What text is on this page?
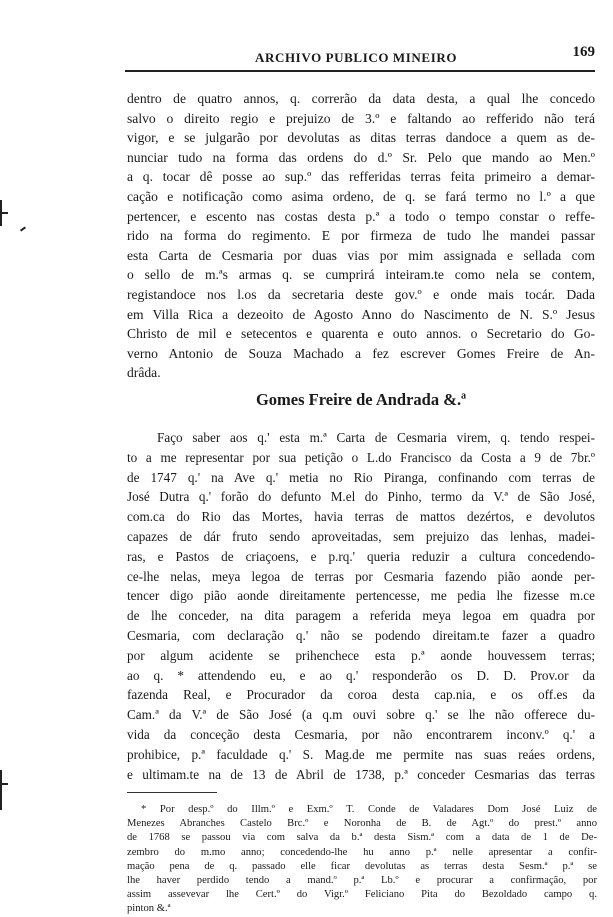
ARCHIVO PUBLICO MINEIRO	169
dentro de quatro annos, q. correrão da data desta, a qual lhe concedo
salvo o direito regio e prejuizo de 3.º e faltando ao refferido não terá
vigor, e se julgarão por devolutas as ditas terras dandoce a quem as de-
nunciar tudo na forma das ordens do d.º Sr. Pelo que mando ao Men.º
a q. tocar dê posse ao sup.º das refferidas terras feita primeiro a demar-
cação e notificação como asima ordeno, de q. se fará termo no l.º a que
pertencer, e escento nas costas desta p.ª a todo o tempo constar o reffe-
rido na forma do regimento. E por firmeza de tudo lhe mandei passar
esta Carta de Cesmaria por duas vias por mim assignada e sellada com
o sello de m.ªs armas q. se cumprirá inteiram.te como nela se contem,
registandoce nos l.os da secretaria deste gov.º e onde mais tocár. Dada
em Villa Rica a dezeoito de Agosto Anno do Nascimento de N. S.º Jesus
Christo de mil e setecentos e quarenta e outo annos. o Secretario do Go-
verno Antonio de Souza Machado a fez escrever Gomes Freire de An-
drâda.
Gomes Freire de Andrada &.ª
Faço saber aos q.' esta m.ª Carta de Cesmaria virem, q. tendo respei-
to a me representar por sua petição o L.do Francisco da Costa a 9 de 7br.º
de 1747 q.' na Ave q.' metia no Rio Piranga, confinando com terras de
José Dutra q.' forão do defunto M.el do Pinho, termo da V.ª de São José,
com.ca do Rio das Mortes, havia terras de mattos dezértos, e devolutos
capazes de dár fruto sendo aproveitadas, sem prejuizo das lenhas, madei-
ras, e Pastos de criaçoens, e p.rq.' queria reduzir a cultura concedendo-
ce-lhe nelas, meya legoa de terras por Cesmaria fazendo pião aonde per-
tencer digo pião aonde direitamente pertencesse, me pedia lhe fizesse m.ce
de lhe conceder, na dita paragem a referida meya legoa em quadra por
Cesmaria, com declaração q.' não se podendo direitam.te fazer a quadro
por algum acidente se prihenchece esta p.ª aonde houvessem terras;
ao q. * attendendo eu, e ao q.' responderão os D. D. Prov.or da
fazenda Real, e Procurador da coroa desta cap.nia, e os off.es da
Cam.ª da V.ª de São José (a q.m ouvi sobre q.' se lhe não offerece du-
vida da conceção desta Cesmaria, por não encontrarem inconv.º q.' a
prohibice, p.ª faculdade q.' S. Mag.de me permite nas suas reáes ordens,
e ultimam.te na de 13 de Abril de 1738, p.ª conceder Cesmarias das terras
* Por desp.º do Illm.º e Exm.º T. Conde de Valadares Dom José Luiz de
Menezes Abranches Castelo Brc.º e Noronha de B. de Agt.º do prest.º anno
de 1768 se passou via com salva da b.ª desta Sism.ª com a data de 1 de De-
zembro do m.mo anno; concedendo-lhe hu anno p.ª nelle apresentar a confir-
mação pena de q. passado elle ficar devolutas as terras desta Sesm.ª p.ª se
lhe haver perdido tendo a mand.º p.ª Lb.º e procurar a confirmação, por
assim assevevar lhe Cert.º do Vigr.º Feliciano Pita do Bezoldado campo q.
pinton &.ª
